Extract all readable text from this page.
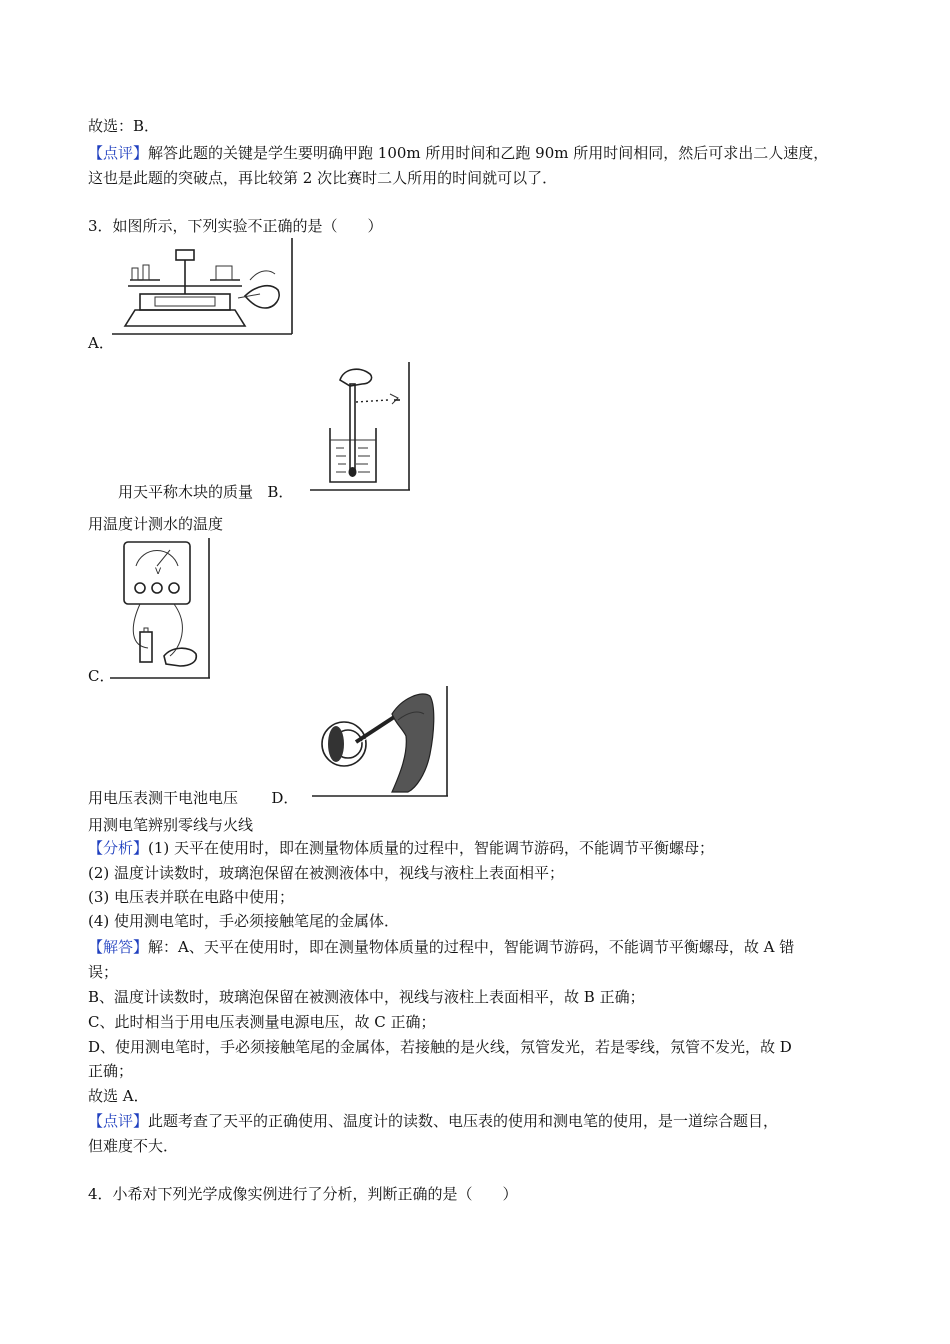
故选：B．
【点评】解答此题的关键是学生要明确甲跑 100m 所用时间和乙跑 90m 所用时间相同，然后可求出二人速度，
这也是此题的突破点，再比较第 2 次比赛时二人所用的时间就可以了．
3．如图所示，下列实验不正确的是（　　）
A．
用天平称木块的质量 B．
用温度计测水的温度
V
C．
用电压表测干电池电压 D．
用测电笔辨别零线与火线
【分析】(1) 天平在使用时，即在测量物体质量的过程中，智能调节游码，不能调节平衡螺母；
(2) 温度计读数时，玻璃泡保留在被测液体中，视线与液柱上表面相平；
(3) 电压表并联在电路中使用；
(4) 使用测电笔时，手必须接触笔尾的金属体．
【解答】解：A、天平在使用时，即在测量物体质量的过程中，智能调节游码，不能调节平衡螺母，故 A 错
误；
B、温度计读数时，玻璃泡保留在被测液体中，视线与液柱上表面相平，故 B 正确；
C、此时相当于用电压表测量电源电压，故 C 正确；
D、使用测电笔时，手必须接触笔尾的金属体，若接触的是火线，氖管发光，若是零线，氖管不发光，故 D
正确；
故选 A．
【点评】此题考查了天平的正确使用、温度计的读数、电压表的使用和测电笔的使用，是一道综合题目，
但难度不大．
4．小希对下列光学成像实例进行了分析，判断正确的是（　　）
